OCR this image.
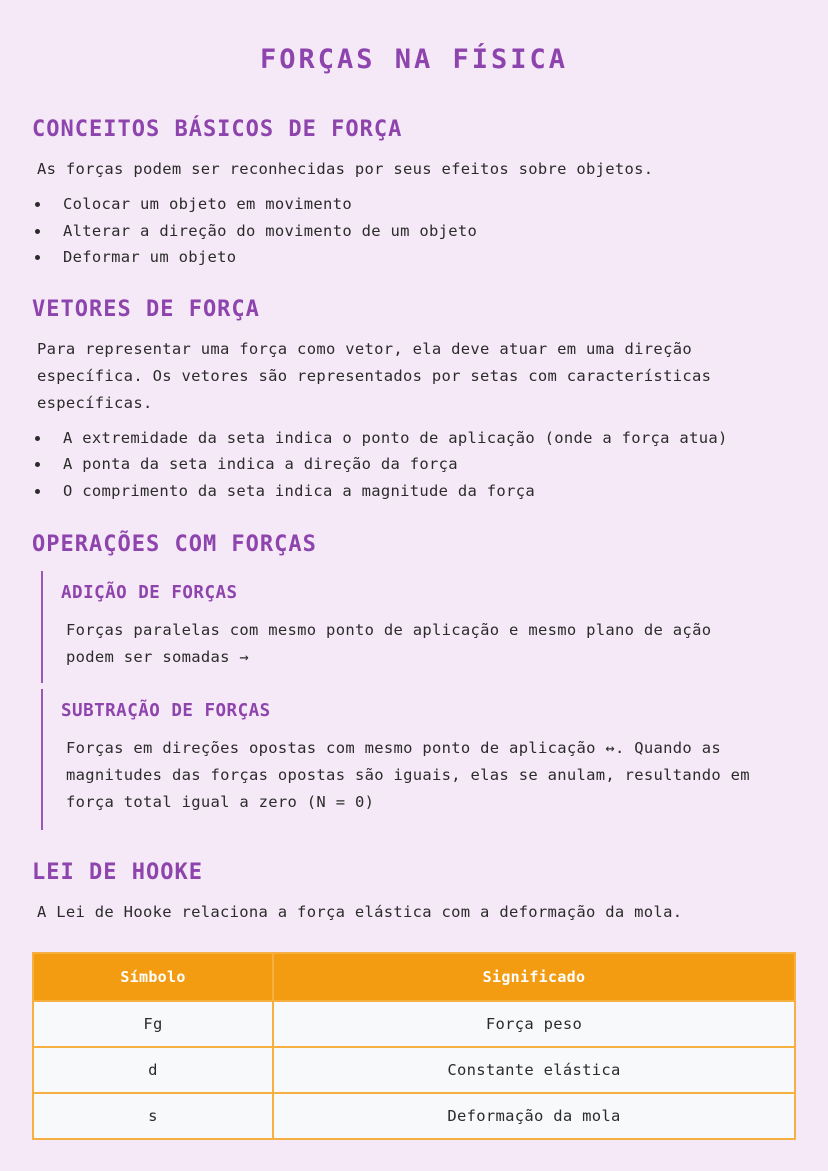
FORÇAS NA FÍSICA
CONCEITOS BÁSICOS DE FORÇA

As forças podem ser reconhecidas por seus efeitos sobre objetos.

Colocar um objeto em movimento
Alterar a direção do movimento de um objeto
Deformar um objeto
VETORES DE FORÇA

Para representar uma força como vetor, ela deve atuar em uma direção específica. Os vetores são representados por setas com características específicas.

A extremidade da seta indica o ponto de aplicação (onde a força atua)
A ponta da seta indica a direção da força
O comprimento da seta indica a magnitude da força
OPERAÇÕES COM FORÇAS
ADIÇÃO DE FORÇAS

Forças paralelas com mesmo ponto de aplicação e mesmo plano de ação podem ser somadas →

SUBTRAÇÃO DE FORÇAS

Forças em direções opostas com mesmo ponto de aplicação ↔. Quando as magnitudes das forças opostas são iguais, elas se anulam, resultando em força total igual a zero (N = 0)

LEI DE HOOKE

A Lei de Hooke relaciona a força elástica com a deformação da mola.

Símbolo	Significado
Fg	Força peso
d	Constante elástica
s	Deformação da mola
